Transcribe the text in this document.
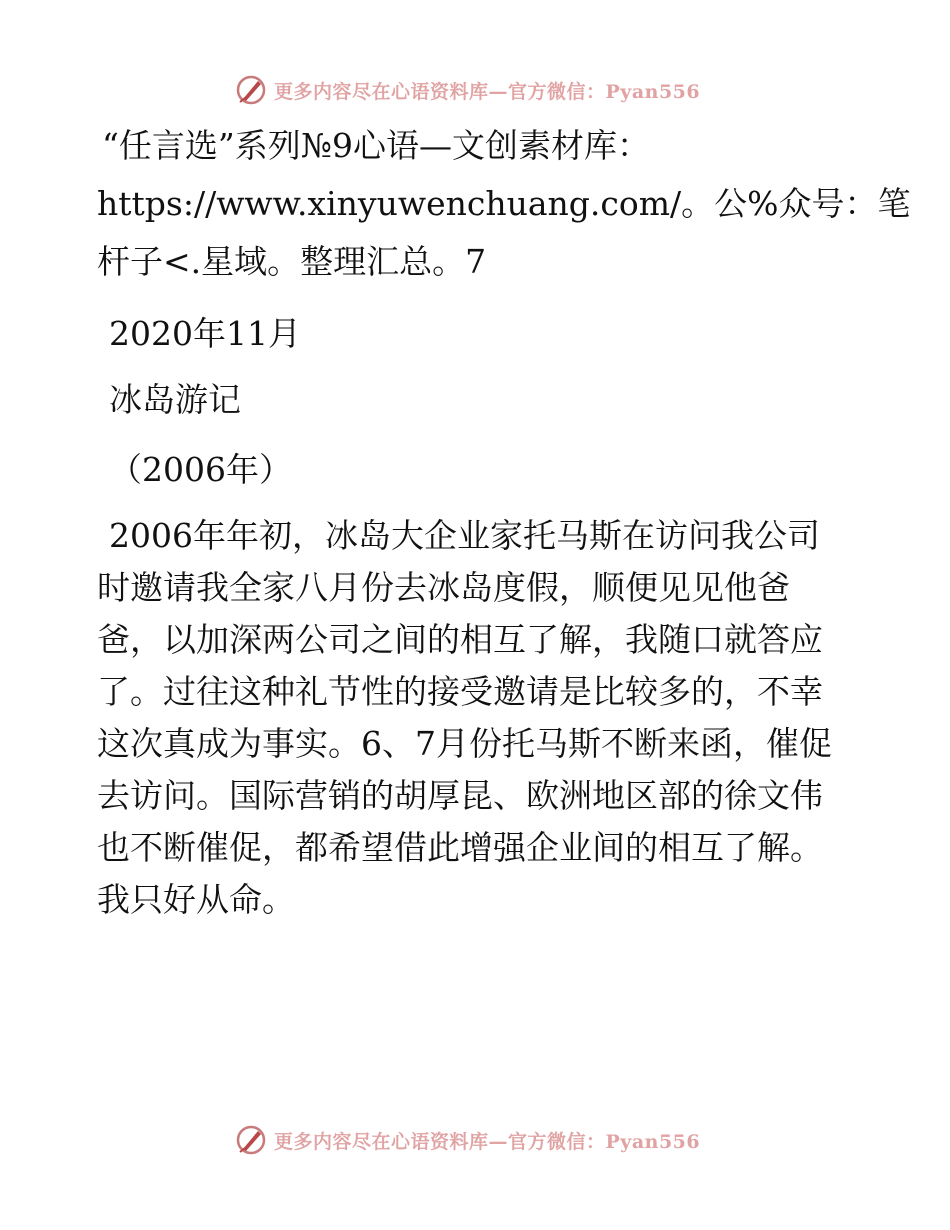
更多内容尽在心语资料库—官方微信：Pyan556
“任言选”系列№9心语—文创素材库：
https://www.xinyuwenchuang.com/。公%众号：笔
杆子<.星域。整理汇总。7
2020年11月
冰岛游记
（2006年）
2006年年初，冰岛大企业家托马斯在访问我公司
时邀请我全家八月份去冰岛度假，顺便见见他爸
爸，以加深两公司之间的相互了解，我随口就答应
了。过往这种礼节性的接受邀请是比较多的，不幸
这次真成为事实。6、7月份托马斯不断来函，催促
去访问。国际营销的胡厚昆、欧洲地区部的徐文伟
也不断催促，都希望借此增强企业间的相互了解。
我只好从命。
更多内容尽在心语资料库—官方微信：Pyan556
